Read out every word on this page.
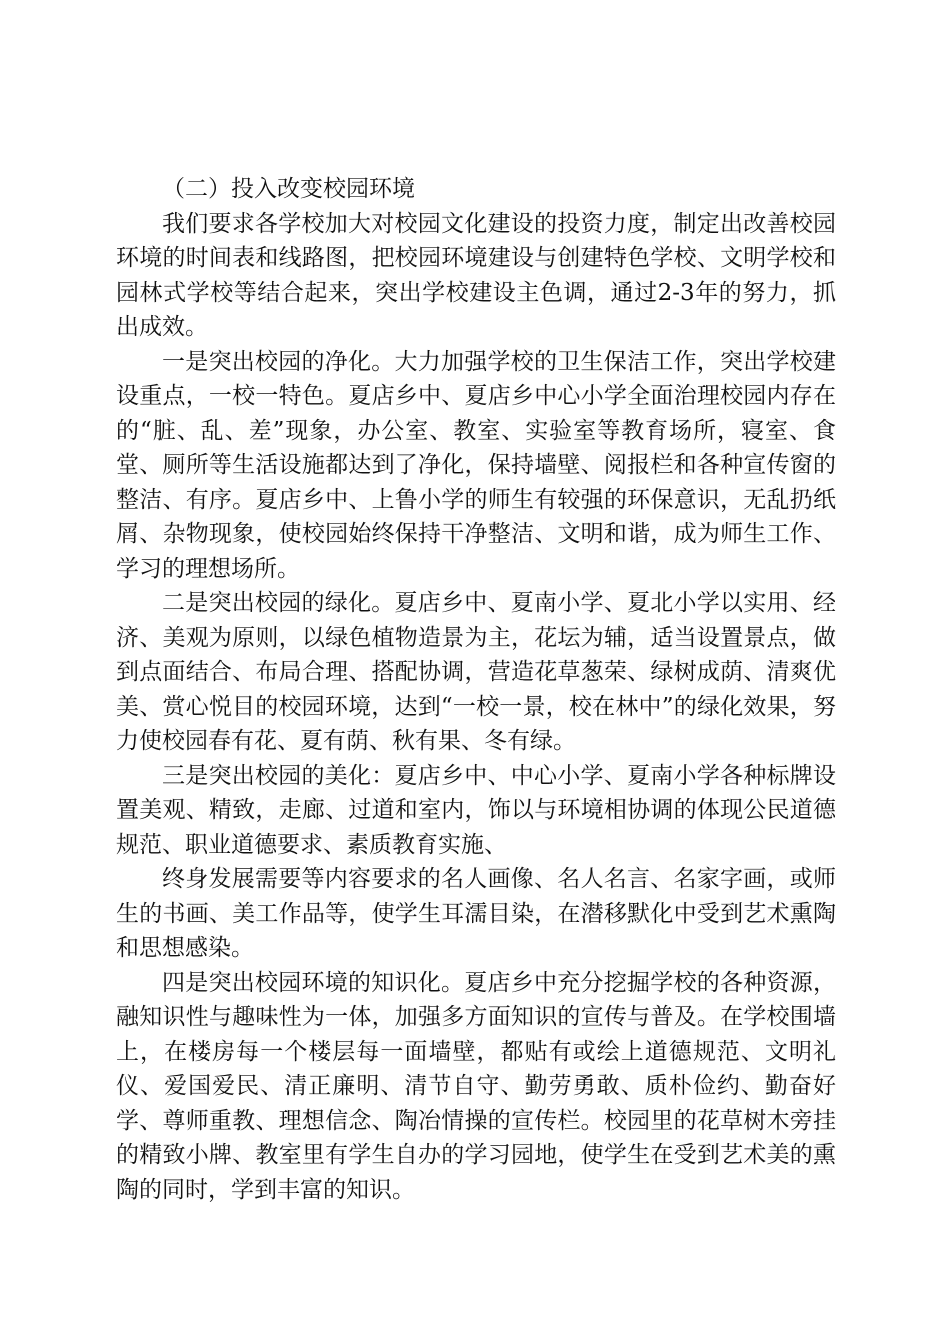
（二）投入改变校园环境

我们要求各学校加大对校园文化建设的投资力度，制定出改善校园环境的时间表和线路图，把校园环境建设与创建特色学校、文明学校和园林式学校等结合起来，突出学校建设主色调，通过2-3年的努力，抓出成效。

一是突出校园的净化。大力加强学校的卫生保洁工作，突出学校建设重点，一校一特色。夏店乡中、夏店乡中心小学全面治理校园内存在的“脏、乱、差”现象，办公室、教室、实验室等教育场所，寝室、食堂、厕所等生活设施都达到了净化，保持墙壁、阅报栏和各种宣传窗的整洁、有序。夏店乡中、上鲁小学的师生有较强的环保意识，无乱扔纸屑、杂物现象，使校园始终保持干净整洁、文明和谐，成为师生工作、学习的理想场所。

二是突出校园的绿化。夏店乡中、夏南小学、夏北小学以实用、经济、美观为原则，以绿色植物造景为主，花坛为辅，适当设置景点，做到点面结合、布局合理、搭配协调，营造花草葱荣、绿树成荫、清爽优美、赏心悦目的校园环境，达到“一校一景，校在林中”的绿化效果，努力使校园春有花、夏有荫、秋有果、冬有绿。

三是突出校园的美化：夏店乡中、中心小学、夏南小学各种标牌设置美观、精致，走廊、过道和室内，饰以与环境相协调的体现公民道德规范、职业道德要求、素质教育实施、

终身发展需要等内容要求的名人画像、名人名言、名家字画，或师生的书画、美工作品等，使学生耳濡目染，在潜移默化中受到艺术熏陶和思想感染。

四是突出校园环境的知识化。夏店乡中充分挖掘学校的各种资源，融知识性与趣味性为一体，加强多方面知识的宣传与普及。在学校围墙上，在楼房每一个楼层每一面墙壁，都贴有或绘上道德规范、文明礼仪、爱国爱民、清正廉明、清节自守、勤劳勇敢、质朴俭约、勤奋好学、尊师重教、理想信念、陶冶情操的宣传栏。校园里的花草树木旁挂的精致小牌、教室里有学生自办的学习园地，使学生在受到艺术美的熏陶的同时，学到丰富的知识。
